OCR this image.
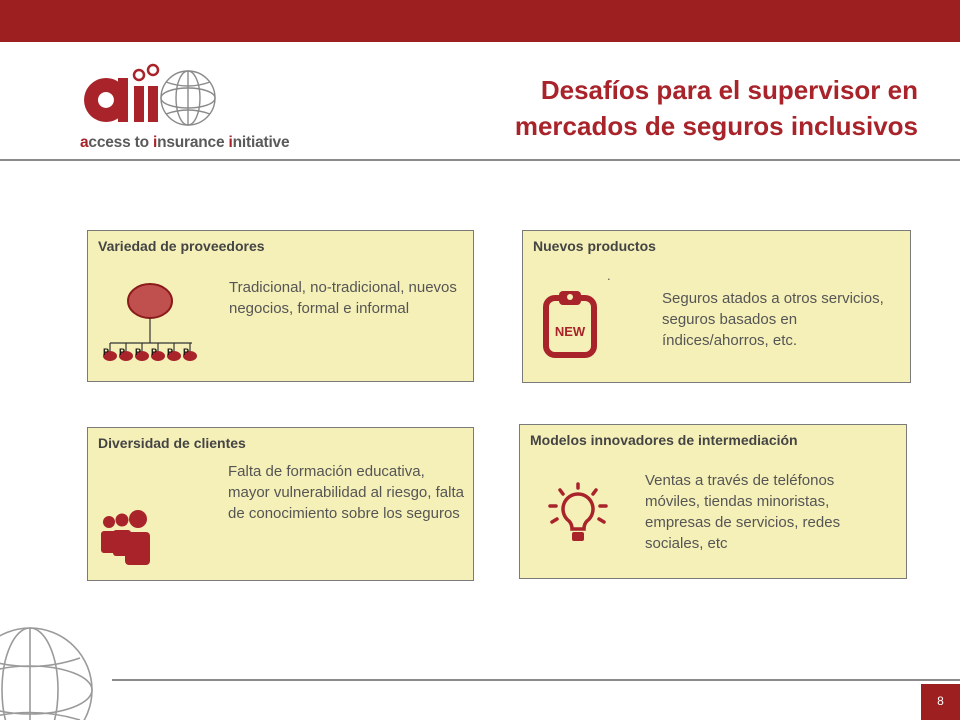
access to insurance initiative
Desafíos para el supervisor en mercados de seguros inclusivos
Variedad de proveedores
P P P P P P
Tradicional, no-tradicional, nuevos negocios, formal e informal
Nuevos productos
.
NEW
Seguros atados a otros servicios, seguros basados en índices/ahorros, etc.
Diversidad de clientes
Falta de formación educativa, mayor vulnerabilidad al riesgo, falta de conocimiento sobre los seguros
Modelos innovadores de intermediación
Ventas a través de teléfonos móviles, tiendas minoristas, empresas de servicios, redes sociales, etc
8
